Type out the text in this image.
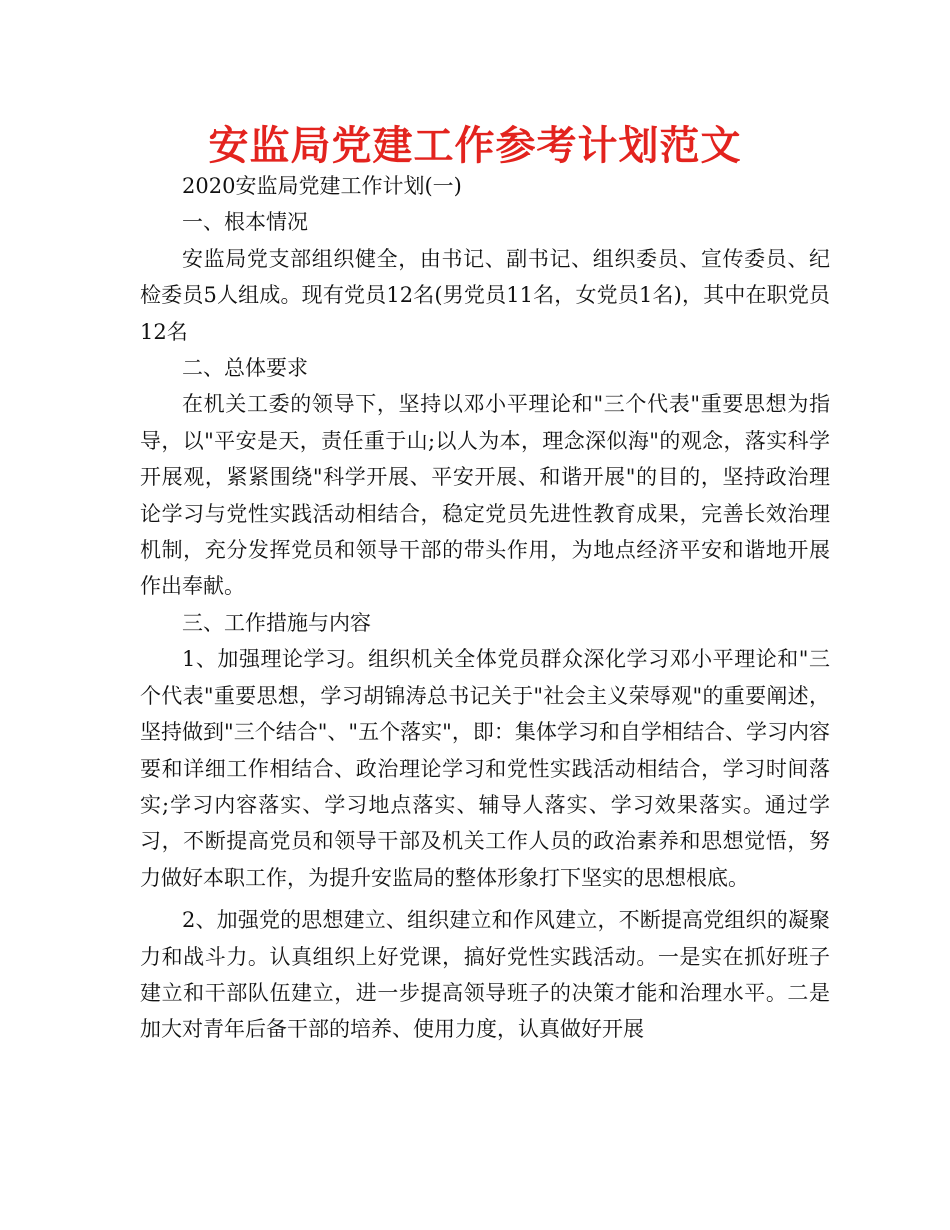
安监局党建工作参考计划范文

2020安监局党建工作计划(一)

一、根本情况

安监局党支部组织健全，由书记、副书记、组织委员、宣传委员、纪检委员5人组成。现有党员12名(男党员11名，女党员1名)，其中在职党员12名

二、总体要求

在机关工委的领导下，坚持以邓小平理论和"三个代表"重要思想为指导，以"平安是天，责任重于山;以人为本，理念深似海"的观念，落实科学开展观，紧紧围绕"科学开展、平安开展、和谐开展"的目的，坚持政治理论学习与党性实践活动相结合，稳定党员先进性教育成果，完善长效治理机制，充分发挥党员和领导干部的带头作用，为地点经济平安和谐地开展作出奉献。

三、工作措施与内容

1、加强理论学习。组织机关全体党员群众深化学习邓小平理论和"三个代表"重要思想，学习胡锦涛总书记关于"社会主义荣辱观"的重要阐述，坚持做到"三个结合"、"五个落实"，即：集体学习和自学相结合、学习内容要和详细工作相结合、政治理论学习和党性实践活动相结合，学习时间落实;学习内容落实、学习地点落实、辅导人落实、学习效果落实。通过学习，不断提高党员和领导干部及机关工作人员的政治素养和思想觉悟，努力做好本职工作，为提升安监局的整体形象打下坚实的思想根底。

2、加强党的思想建立、组织建立和作风建立，不断提高党组织的凝聚力和战斗力。认真组织上好党课，搞好党性实践活动。一是实在抓好班子建立和干部队伍建立，进一步提高领导班子的决策才能和治理水平。二是加大对青年后备干部的培养、使用力度，认真做好开展
